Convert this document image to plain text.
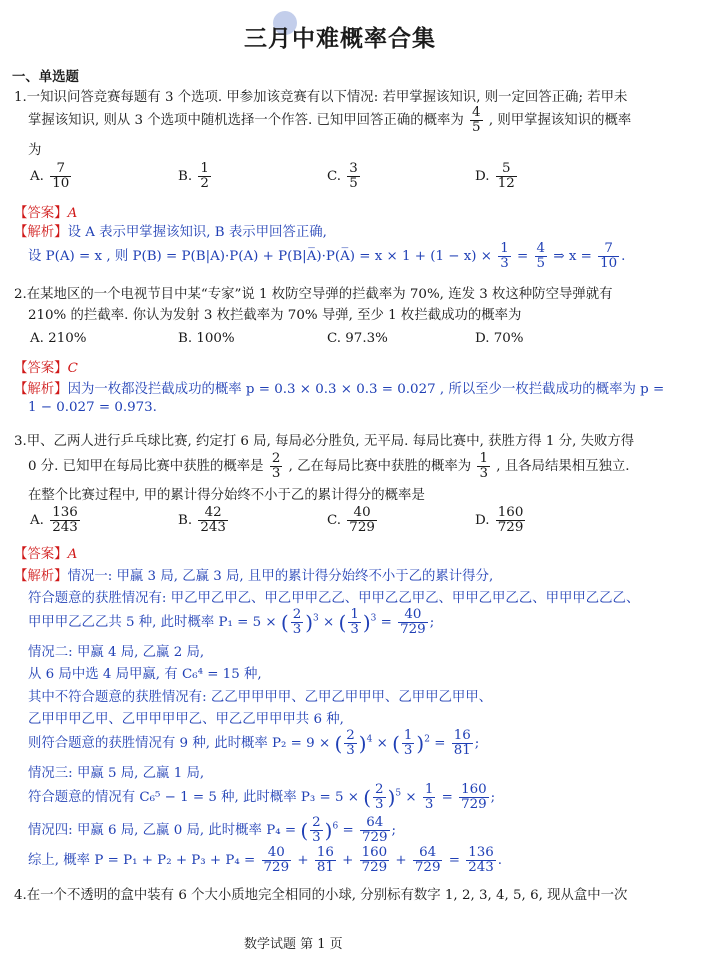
三月中难概率合集
一、单选题
1.一知识问答竞赛每题有 3 个选项. 甲参加该竞赛有以下情况: 若甲掌握该知识, 则一定回答正确; 若甲未
掌握该知识, 则从 3 个选项中随机选择一个作答. 已知甲回答正确的概率为 $\frac{4}{5}$ , 则甲掌握该知识的概率
为
A. $\frac{7}{10}$	B. $\frac{1}{2}$	C. $\frac{3}{5}$	D. $\frac{5}{12}$
【答案】A
【解析】设 A 表示甲掌握该知识, B 表示甲回答正确,
设 P(A) = x , 则 P(B) = P(B|A)·P(A) + P(B|A̅)·P(A̅) = $x \times 1 + (1 - x) \times \frac{1}{3} = \frac{4}{5}$ ⇒ $x = \frac{7}{10}$ .
2.在某地区的一个电视节目中某“专家”说 1 枚防空导弹的拦截率为 70%, 连发 3 枚这种防空导弹就有
210% 的拦截率. 你认为发射 3 枚拦截率为 70% 导弹, 至少 1 枚拦截成功的概率为
A. 210%	B. 100%	C. 97.3%	D. 70%
【答案】C
【解析】因为一枚都没拦截成功的概率 p = 0.3 × 0.3 × 0.3 = 0.027 , 所以至少一枚拦截成功的概率为 p =
1 − 0.027 = 0.973.
3.甲、乙两人进行乒乓球比赛, 约定打 6 局, 每局必分胜负, 无平局. 每局比赛中, 获胜方得 1 分, 失败方得
0 分. 已知甲在每局比赛中获胜的概率是 $\frac{2}{3}$ , 乙在每局比赛中获胜的概率为 $\frac{1}{3}$ , 且各局结果相互独立.
在整个比赛过程中, 甲的累计得分始终不小于乙的累计得分的概率是
A. $\frac{136}{243}$	B. $\frac{42}{243}$	C. $\frac{40}{729}$	D. $\frac{160}{729}$
【答案】A
【解析】情况一: 甲赢 3 局, 乙赢 3 局, 且甲的累计得分始终不小于乙的累计得分,
符合题意的获胜情况有: 甲乙甲乙甲乙、甲乙甲甲乙乙、甲甲乙乙甲乙、甲甲乙甲乙乙、甲甲甲乙乙乙、
甲甲甲乙乙乙共 5 种, 此时概率 P₁ = 5 × ( $\frac{2}{3} )^3$ × ( $\frac{1}{3} )^3 = \frac{40}{729}$ ;
情况二: 甲赢 4 局, 乙赢 2 局,
从 6 局中选 4 局甲赢, 有 C₆⁴ = 15 种,
其中不符合题意的获胜情况有: 乙乙甲甲甲甲、乙甲乙甲甲甲、乙甲甲乙甲甲、
乙甲甲甲乙甲、乙甲甲甲甲乙、甲乙乙甲甲甲共 6 种,
则符合题意的获胜情况有 9 种, 此时概率 P₂ = 9 × ( $\frac{2}{3} )^4$ × ( $\frac{1}{3} )^2 = \frac{16}{81}$ ;
情况三: 甲赢 5 局, 乙赢 1 局,
符合题意的情况有 C₆⁵ − 1 = 5 种, 此时概率 P₃ = 5 × ( $\frac{2}{3} )^5 \times \frac{1}{3} = \frac{160}{729}$ ;
情况四: 甲赢 6 局, 乙赢 0 局, 此时概率 P₄ = ( $\frac{2}{3} )^6 = \frac{64}{729}$ ;
综上, 概率 $P = P_1 + P_2 + P_3 + P_4 = \frac{40}{729} + \frac{16}{81} + \frac{160}{729} + \frac{64}{729} = \frac{136}{243}$ .
4.在一个不透明的盒中装有 6 个大小质地完全相同的小球, 分别标有数字 1, 2, 3, 4, 5, 6, 现从盒中一次
数学试题 第 1 页
